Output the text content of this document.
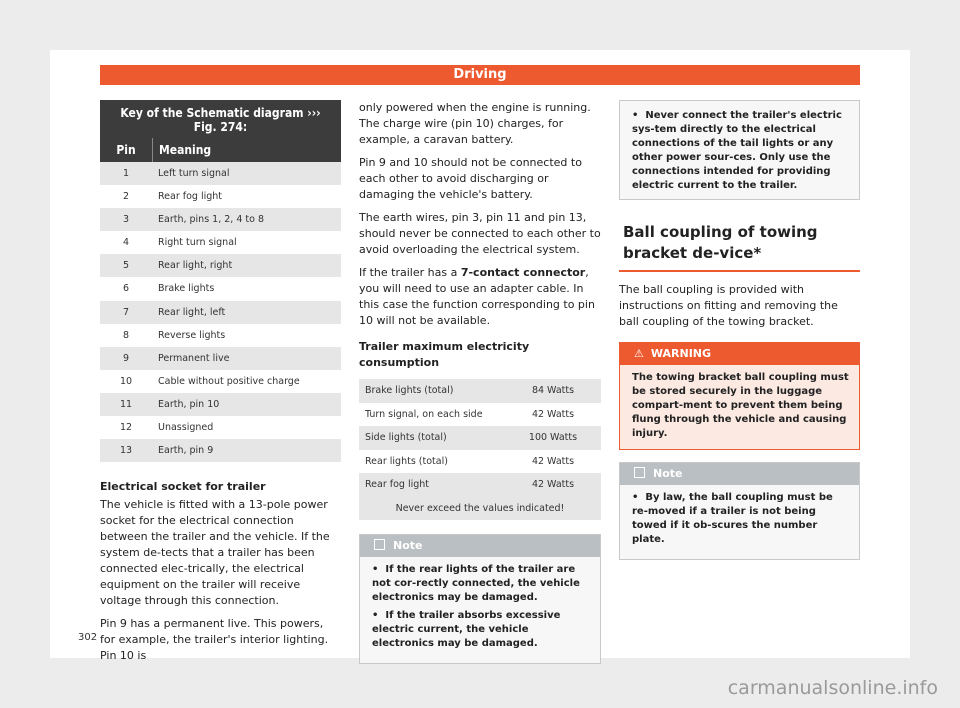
Driving
Key of the Schematic diagram ››› Fig. 274:
Pin	Meaning
1	Left turn signal
2	Rear fog light
3	Earth, pins 1, 2, 4 to 8
4	Right turn signal
5	Rear light, right
6	Brake lights
7	Rear light, left
8	Reverse lights
9	Permanent live
10	Cable without positive charge
11	Earth, pin 10
12	Unassigned
13	Earth, pin 9
Electrical socket for trailer

The vehicle is fitted with a 13-pole power socket for the electrical connection between the trailer and the vehicle. If the system de-tects that a trailer has been connected elec-trically, the electrical equipment on the trailer will receive voltage through this connection.

Pin 9 has a permanent live. This powers, for example, the trailer's interior lighting. Pin 10 is

only powered when the engine is running. The charge wire (pin 10) charges, for example, a caravan battery.

Pin 9 and 10 should not be connected to each other to avoid discharging or damaging the vehicle's battery.

The earth wires, pin 3, pin 11 and pin 13, should never be connected to each other to avoid overloading the electrical system.

If the trailer has a 7-contact connector, you will need to use an adapter cable. In this case the function corresponding to pin 10 will not be available.

Trailer maximum electricity consumption

Brake lights (total)	84 Watts
Turn signal, on each side	42 Watts
Side lights (total)	100 Watts
Rear lights (total)	42 Watts
Rear fog light	42 Watts
Never exceed the values indicated!
Note

•  If the rear lights of the trailer are not cor-rectly connected, the vehicle electronics may be damaged.

•  If the trailer absorbs excessive electric current, the vehicle electronics may be damaged.

•  Never connect the trailer's electric sys-tem directly to the electrical connections of the tail lights or any other power sour-ces. Only use the connections intended for providing electric current to the trailer.

Ball coupling of towing bracket de-vice*

The ball coupling is provided with instructions on fitting and removing the ball coupling of the towing bracket.

⚠ WARNING

The towing bracket ball coupling must be stored securely in the luggage compart-ment to prevent them being flung through the vehicle and causing injury.

Note

•  By law, the ball coupling must be re-moved if a trailer is not being towed if it ob-scures the number plate.

302
carmanualsonline.info
